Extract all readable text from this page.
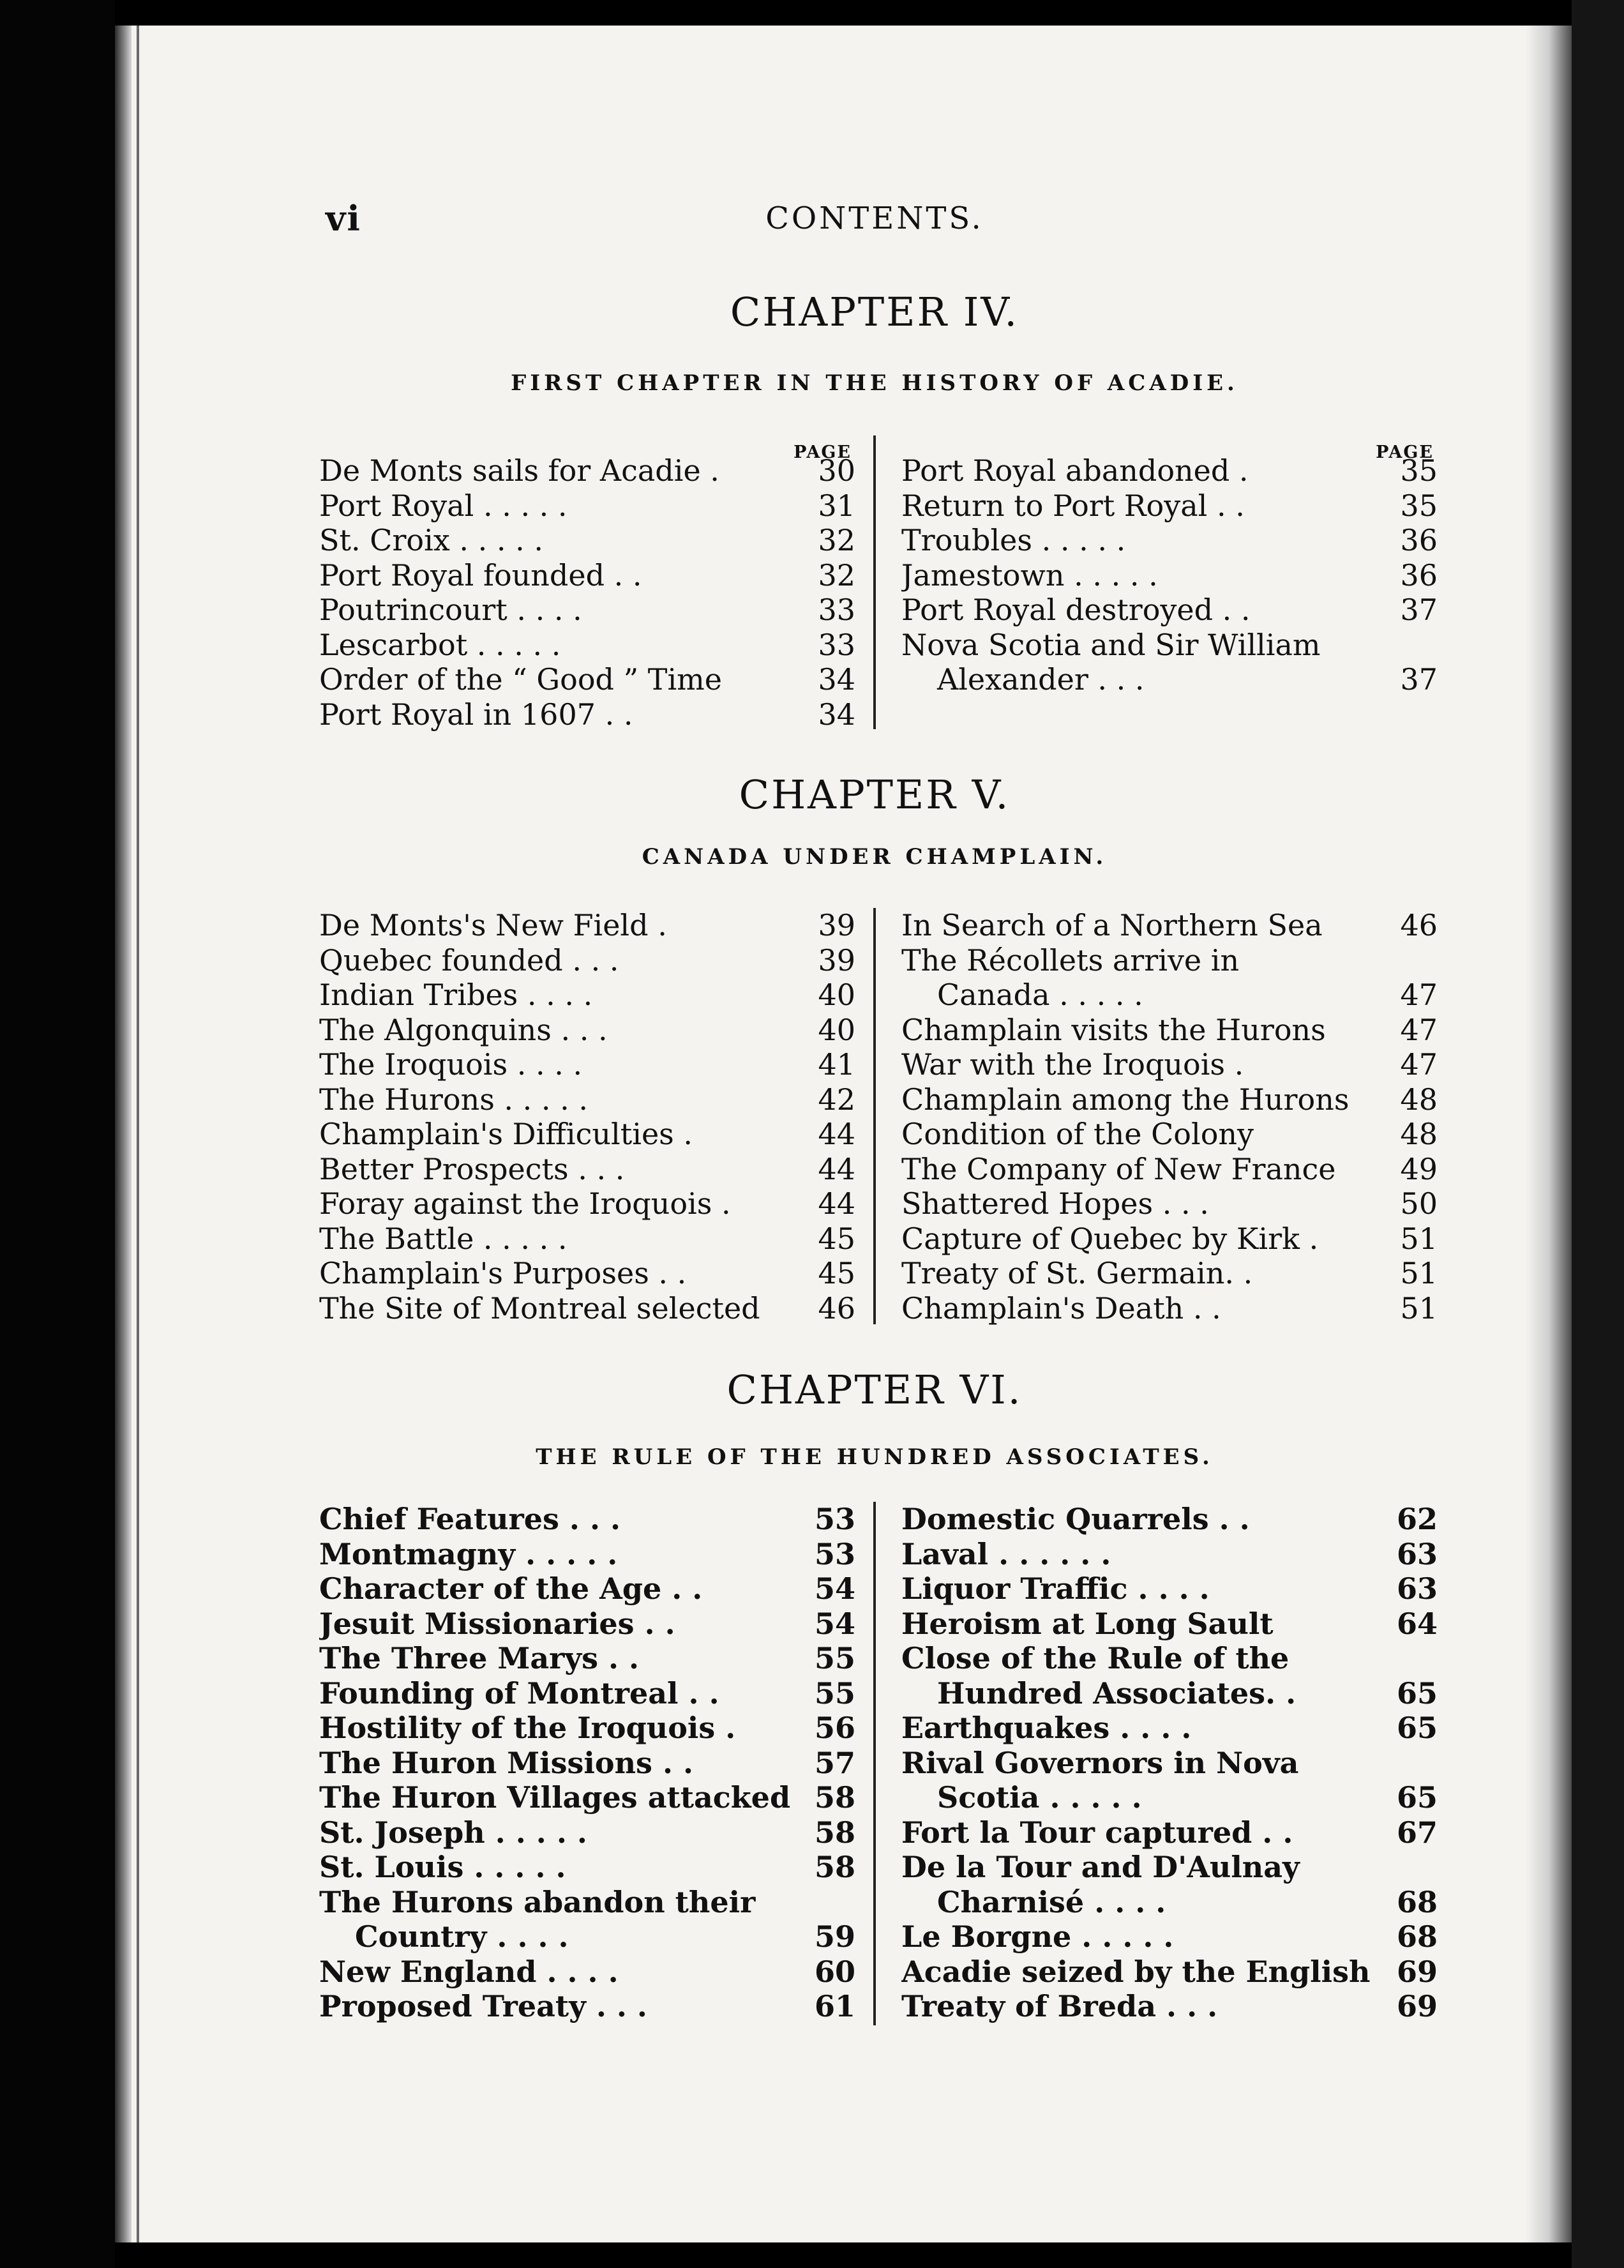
vi	CONTENTS.
CHAPTER IV.
FIRST CHAPTER IN THE HISTORY OF ACADIE.
PAGE
De Monts sails for Acadie .	30
Port Royal . . . . .	31
St. Croix . . . . .	32
Port Royal founded . .	32
Poutrincourt . . . .	33
Lescarbot . . . . .	33
Order of the “ Good ” Time	34
Port Royal in 1607 . .	34
PAGE
Port Royal abandoned .	35
Return to Port Royal . .	35
Troubles . . . . .	36
Jamestown . . . . .	36
Port Royal destroyed . .	37
Nova Scotia and Sir William
Alexander . . .	37
CHAPTER V.
CANADA UNDER CHAMPLAIN.
De Monts's New Field .	39
Quebec founded . . .	39
Indian Tribes . . . .	40
The Algonquins . . .	40
The Iroquois . . . .	41
The Hurons . . . . .	42
Champlain's Difficulties .	44
Better Prospects . . .	44
Foray against the Iroquois .	44
The Battle . . . . .	45
Champlain's Purposes . .	45
The Site of Montreal selected	46
In Search of a Northern Sea	46
The Récollets arrive in
Canada . . . . .	47
Champlain visits the Hurons	47
War with the Iroquois .	47
Champlain among the Hurons	48
Condition of the Colony	48
The Company of New France	49
Shattered Hopes . . .	50
Capture of Quebec by Kirk .	51
Treaty of St. Germain. .	51
Champlain's Death . .	51
CHAPTER VI.
THE RULE OF THE HUNDRED ASSOCIATES.
Chief Features . . .	53
Montmagny . . . . .	53
Character of the Age . .	54
Jesuit Missionaries . .	54
The Three Marys . .	55
Founding of Montreal . .	55
Hostility of the Iroquois .	56
The Huron Missions . .	57
The Huron Villages attacked 58
St. Joseph . . . . .	58
St. Louis . . . . .	58
The Hurons abandon their
Country . . . .	59
New England . . . .	60
Proposed Treaty . . .	61
Domestic Quarrels . .	62
Laval . . . . . .	63
Liquor Traffic . . . .	63
Heroism at Long Sault	64
Close of the Rule of the
Hundred Associates. .	65
Earthquakes . . . .	65
Rival Governors in Nova
Scotia . . . . .	65
Fort la Tour captured . .	67
De la Tour and D'Aulnay
Charnisé . . . .	68
Le Borgne . . . . .	68
Acadie seized by the English 69
Treaty of Breda . . .	69
